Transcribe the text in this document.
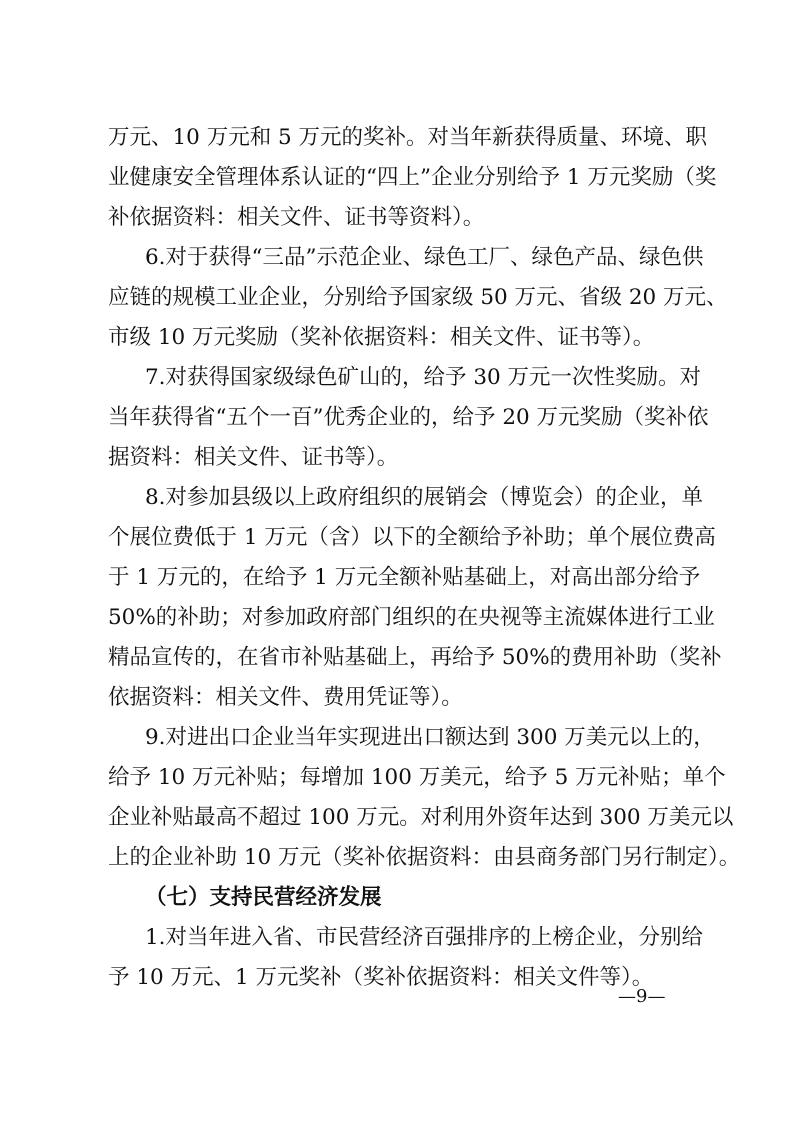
万元、10 万元和 5 万元的奖补。对当年新获得质量、环境、职
业健康安全管理体系认证的“四上”企业分别给予 1 万元奖励（奖
补依据资料：相关文件、证书等资料）。
6.对于获得“三品”示范企业、绿色工厂、绿色产品、绿色供
应链的规模工业企业，分别给予国家级 50 万元、省级 20 万元、
市级 10 万元奖励（奖补依据资料：相关文件、证书等）。
7.对获得国家级绿色矿山的，给予 30 万元一次性奖励。对
当年获得省“五个一百”优秀企业的，给予 20 万元奖励（奖补依
据资料：相关文件、证书等）。
8.对参加县级以上政府组织的展销会（博览会）的企业，单
个展位费低于 1 万元（含）以下的全额给予补助；单个展位费高
于 1 万元的，在给予 1 万元全额补贴基础上，对高出部分给予
50%的补助；对参加政府部门组织的在央视等主流媒体进行工业
精品宣传的，在省市补贴基础上，再给予 50%的费用补助（奖补
依据资料：相关文件、费用凭证等）。
9.对进出口企业当年实现进出口额达到 300 万美元以上的，
给予 10 万元补贴；每增加 100 万美元，给予 5 万元补贴；单个
企业补贴最高不超过 100 万元。对利用外资年达到 300 万美元以
上的企业补助 10 万元（奖补依据资料：由县商务部门另行制定）。
（七）支持民营经济发展
1.对当年进入省、市民营经济百强排序的上榜企业，分别给
予 10 万元、1 万元奖补（奖补依据资料：相关文件等）。
—9—
